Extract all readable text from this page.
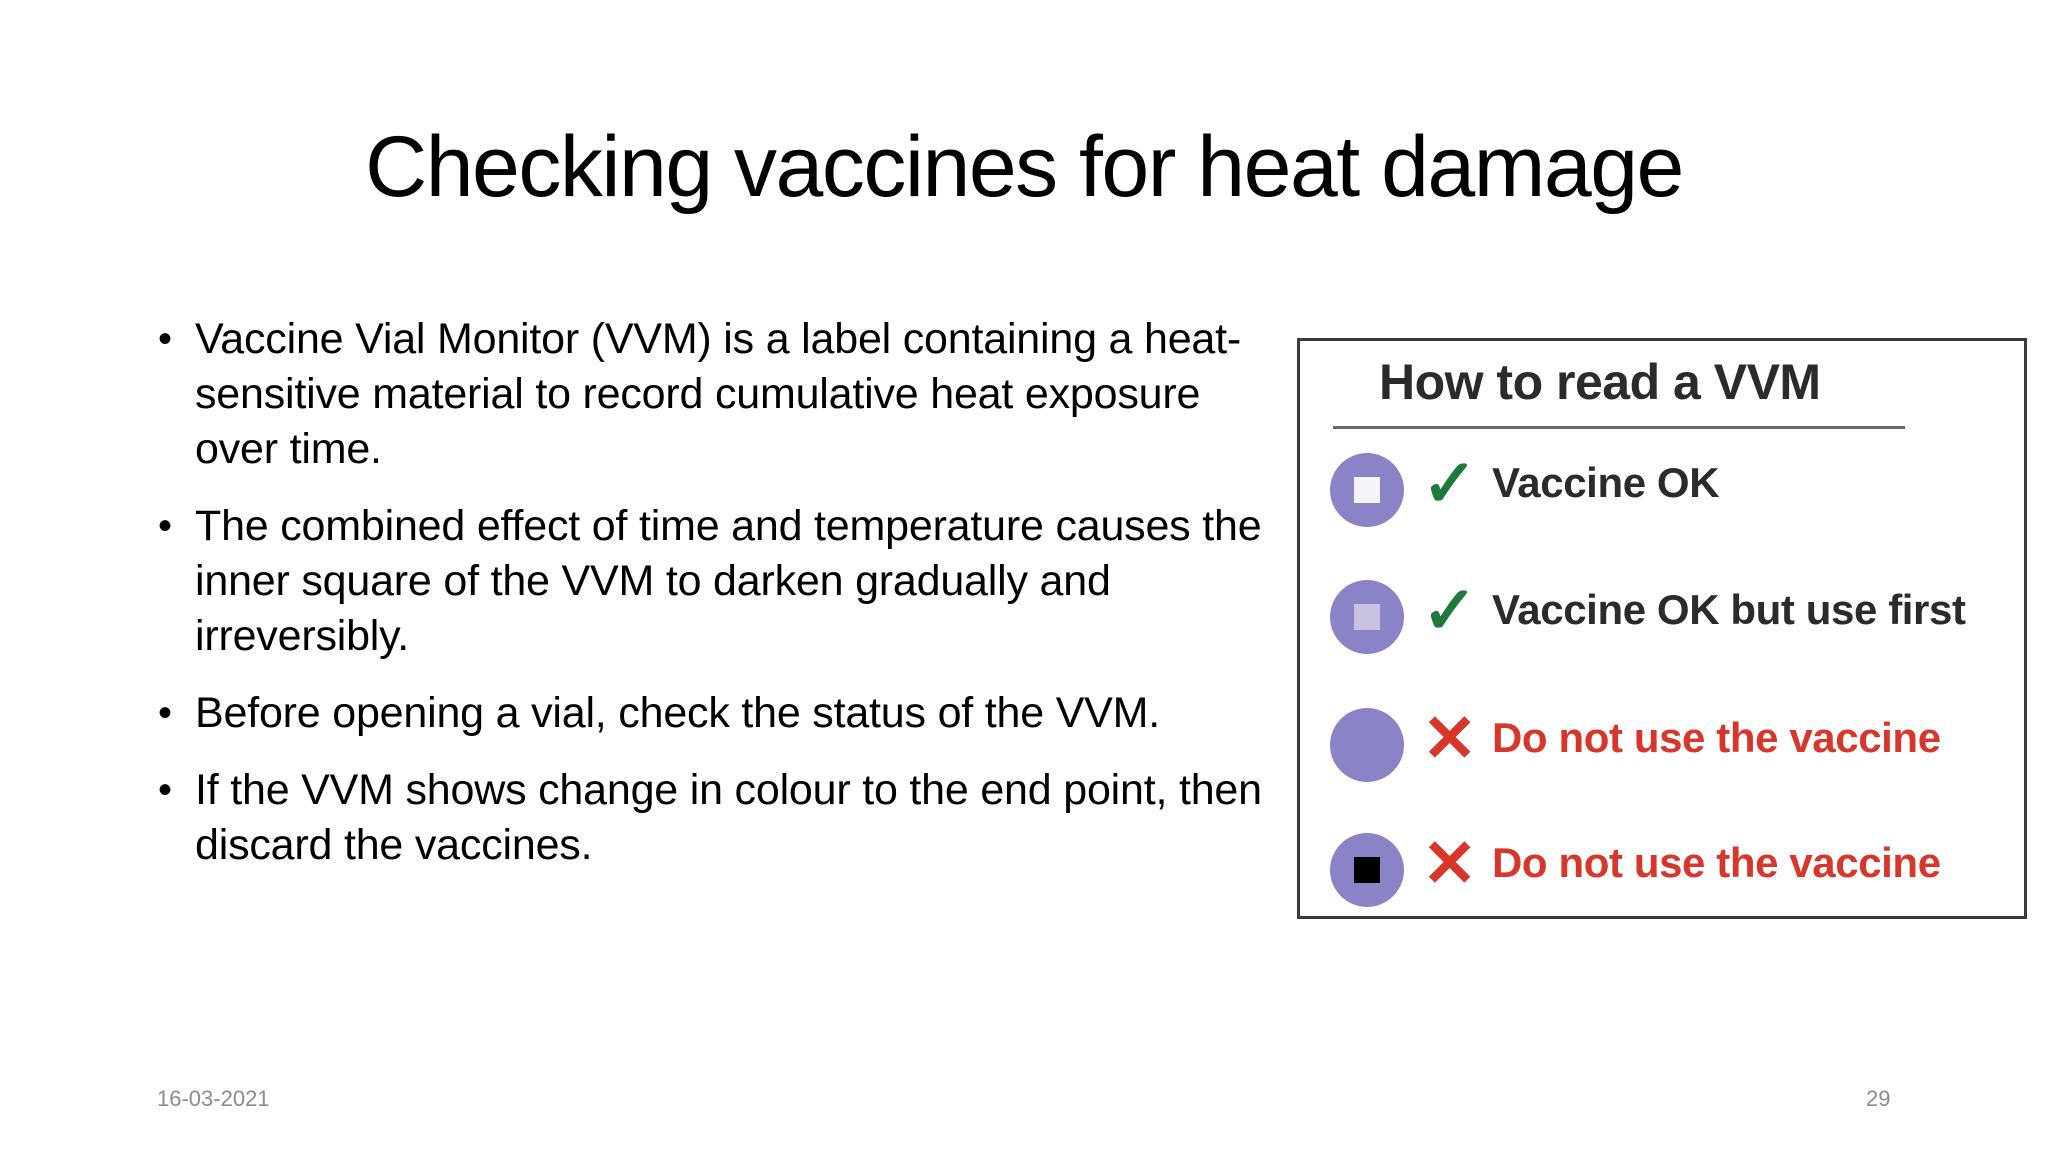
Checking vaccines for heat damage
• Vaccine Vial Monitor (VVM) is a label containing a heat-sensitive material to record cumulative heat exposure over time.
• The combined effect of time and temperature causes the inner square of the VVM to darken gradually and irreversibly.
• Before opening a vial, check the status of the VVM.
• If the VVM shows change in colour to the end point, then discard the vaccines.
How to read a VVM
✓ Vaccine OK
✓ Vaccine OK but use first
✕ Do not use the vaccine
✕ Do not use the vaccine
16-03-2021	29
